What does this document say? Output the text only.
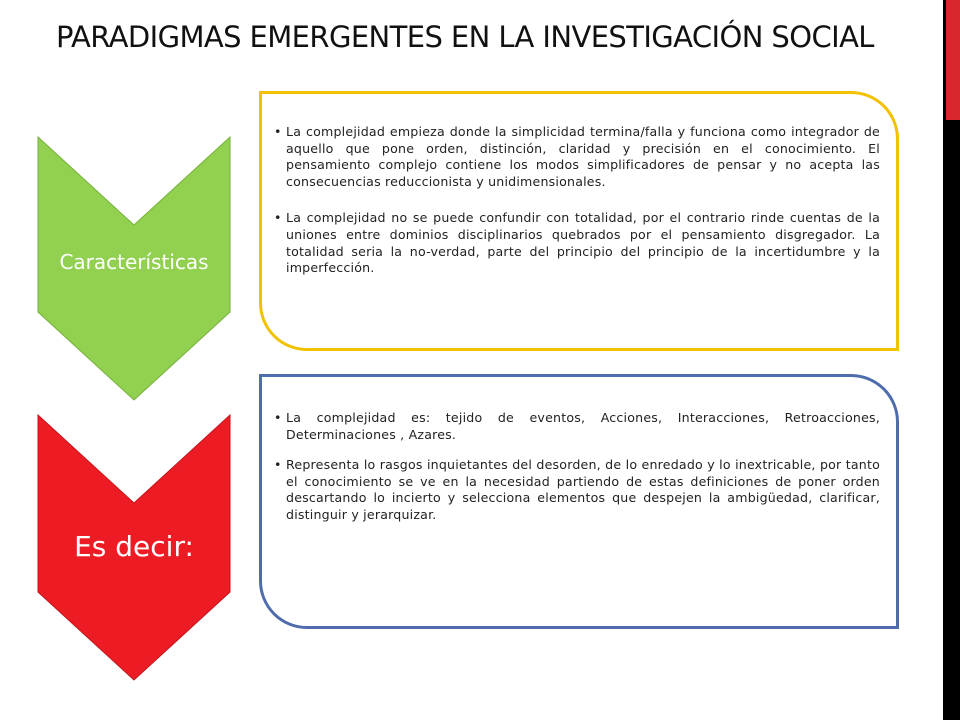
PARADIGMAS EMERGENTES EN LA INVESTIGACIÓN SOCIAL
Características
Es decir:
• La complejidad empieza donde la simplicidad termina/falla y funciona como integrador de aquello que pone orden, distinción, claridad y precisión en el conocimiento. El pensamiento complejo contiene los modos simplificadores de pensar y no acepta las consecuencias reduccionista y unidimensionales.
• La complejidad no se puede confundir con totalidad, por el contrario rinde cuentas de la uniones entre dominios disciplinarios quebrados por el pensamiento disgregador. La totalidad seria la no-verdad, parte del principio del principio de la incertidumbre y la imperfección.
• La complejidad es: tejido de eventos, Acciones, Interacciones, Retroacciones, Determinaciones , Azares.
• Representa lo rasgos inquietantes del desorden, de lo enredado y lo inextricable, por tanto el conocimiento se ve en la necesidad partiendo de estas definiciones de poner orden descartando lo incierto y selecciona elementos que despejen la ambigüedad, clarificar, distinguir y jerarquizar.
